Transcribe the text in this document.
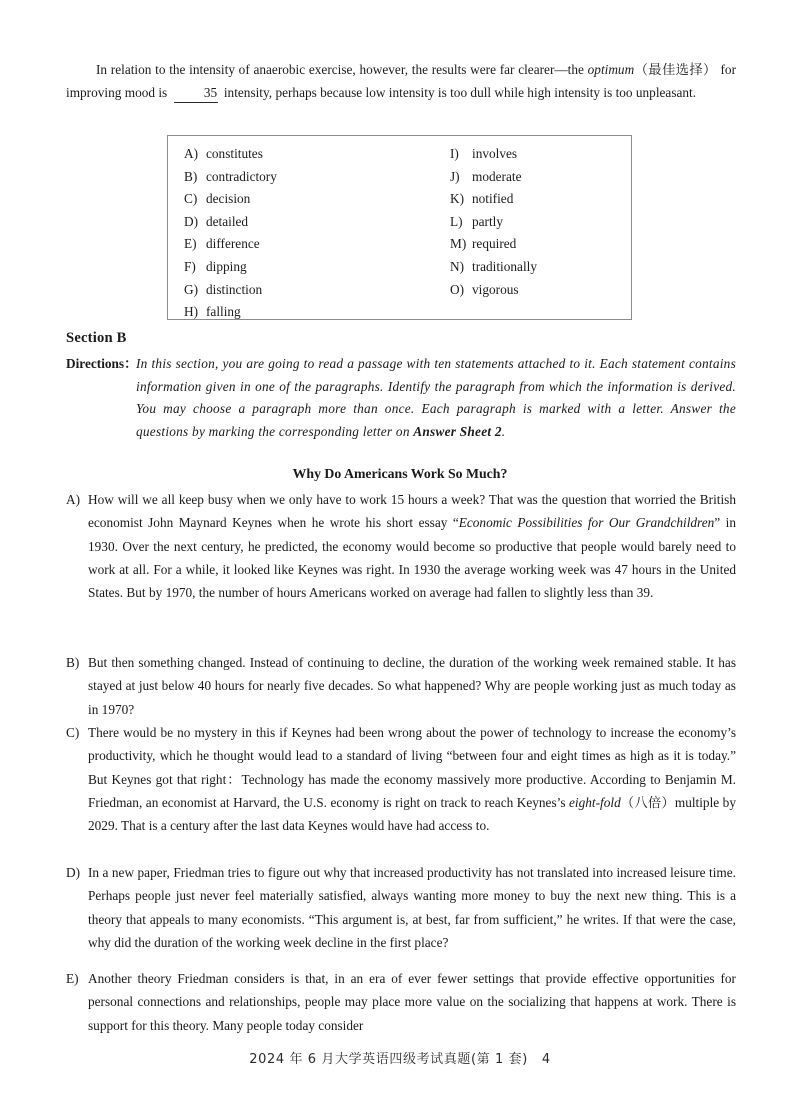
In relation to the intensity of anaerobic exercise, however, the results were far clearer—the optimum（最佳选择） for improving mood is	35 intensity, perhaps because low intensity is too dull while high intensity is too unpleasant.
A) constitutes
B) contradictory
C) decision
D) detailed
E) difference
F) dipping
G) distinction
H) falling
I) involves
J) moderate
K) notified
L) partly
M) required
N) traditionally
O) vigorous
Section B
Directions：
In this section, you are going to read a passage with ten statements attached to it. Each statement contains information given in one of the paragraphs. Identify the paragraph from which the information is derived. You may choose a paragraph more than once. Each paragraph is marked with a letter. Answer the questions by marking the corresponding letter on Answer Sheet 2.
Why Do Americans Work So Much?
A) How will we all keep busy when we only have to work 15 hours a week? That was the question that worried the British economist John Maynard Keynes when he wrote his short essay “Economic Possibilities for Our Grandchildren” in 1930. Over the next century, he predicted, the economy would become so productive that people would barely need to work at all. For a while, it looked like Keynes was right. In 1930 the average working week was 47 hours in the United States. But by 1970, the number of hours Americans worked on average had fallen to slightly less than 39.
B) But then something changed. Instead of continuing to decline, the duration of the working week remained stable. It has stayed at just below 40 hours for nearly five decades. So what happened? Why are people working just as much today as in 1970?
C) There would be no mystery in this if Keynes had been wrong about the power of technology to increase the economy’s productivity, which he thought would lead to a standard of living “between four and eight times as high as it is today.” But Keynes got that right：Technology has made the economy massively more productive. According to Benjamin M. Friedman, an economist at Harvard, the U.S. economy is right on track to reach Keynes’s eight-fold（八倍）multiple by 2029. That is a century after the last data Keynes would have had access to.
D) In a new paper, Friedman tries to figure out why that increased productivity has not translated into increased leisure time. Perhaps people just never feel materially satisfied, always wanting more money to buy the next new thing. This is a theory that appeals to many economists. “This argument is, at best, far from sufficient,” he writes. If that were the case, why did the duration of the working week decline in the first place?
E) Another theory Friedman considers is that, in an era of ever fewer settings that provide effective opportunities for personal connections and relationships, people may place more value on the socializing that happens at work. There is support for this theory. Many people today consider
2024 年 6 月大学英语四级考试真题(第 1 套) 4
